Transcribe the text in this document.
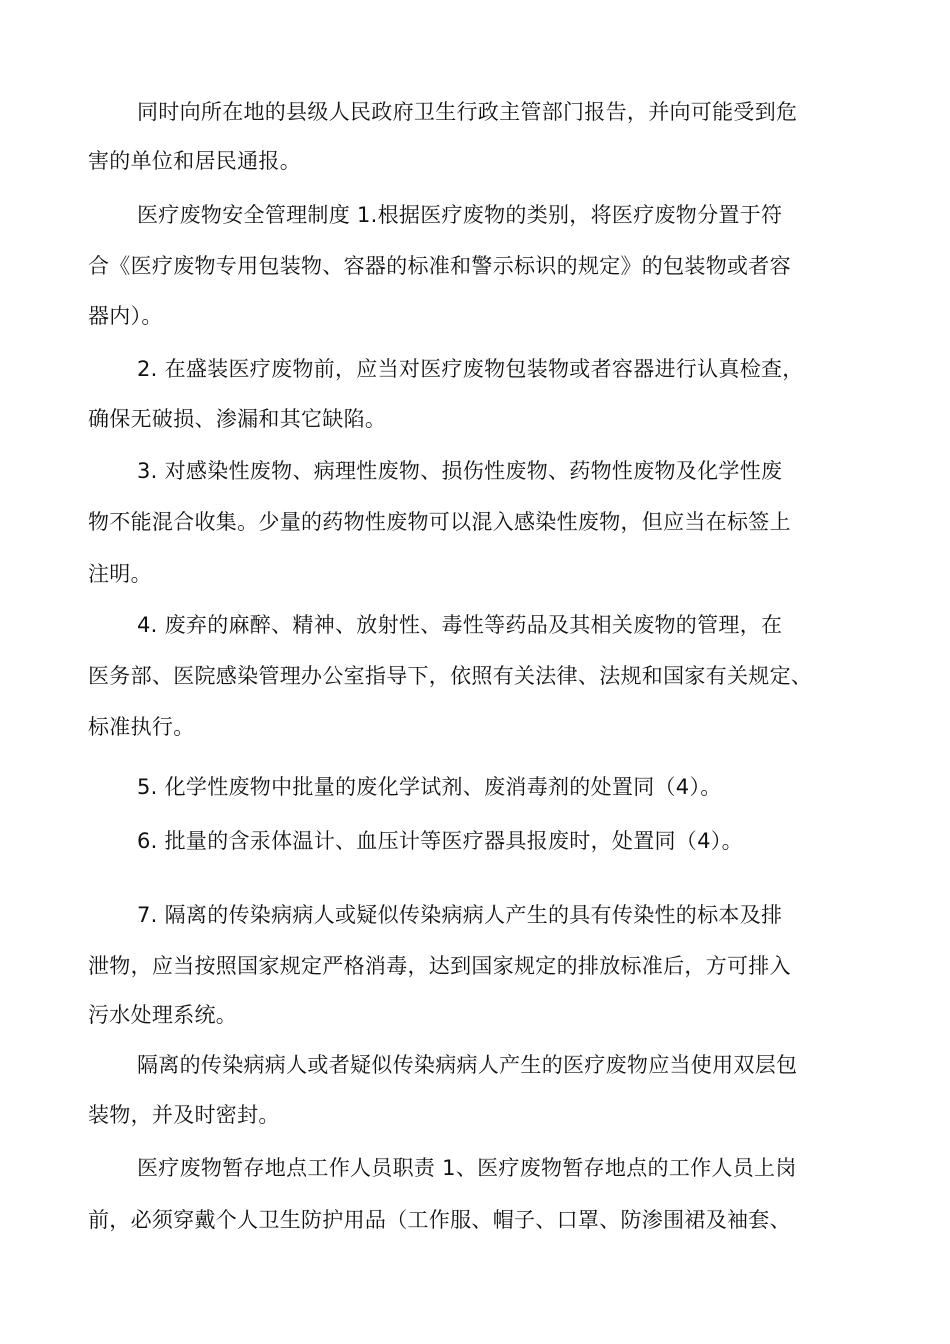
同时向所在地的县级人民政府卫生行政主管部门报告，并向可能受到危
害的单位和居民通报。
医疗废物安全管理制度 1.根据医疗废物的类别，将医疗废物分置于符
合《医疗废物专用包装物、容器的标准和警示标识的规定》的包装物或者容
器内）。
2. 在盛装医疗废物前，应当对医疗废物包装物或者容器进行认真检查，
确保无破损、渗漏和其它缺陷。
3. 对感染性废物、病理性废物、损伤性废物、药物性废物及化学性废
物不能混合收集。少量的药物性废物可以混入感染性废物，但应当在标签上
注明。
4. 废弃的麻醉、精神、放射性、毒性等药品及其相关废物的管理，在
医务部、医院感染管理办公室指导下，依照有关法律、法规和国家有关规定、
标准执行。
5. 化学性废物中批量的废化学试剂、废消毒剂的处置同（4）。
6. 批量的含汞体温计、血压计等医疗器具报废时，处置同（4）。
7. 隔离的传染病病人或疑似传染病病人产生的具有传染性的标本及排
泄物，应当按照国家规定严格消毒，达到国家规定的排放标准后，方可排入
污水处理系统。
隔离的传染病病人或者疑似传染病病人产生的医疗废物应当使用双层包
装物，并及时密封。
医疗废物暂存地点工作人员职责 1、医疗废物暂存地点的工作人员上岗
前，必须穿戴个人卫生防护用品（工作服、帽子、口罩、防渗围裙及袖套、
